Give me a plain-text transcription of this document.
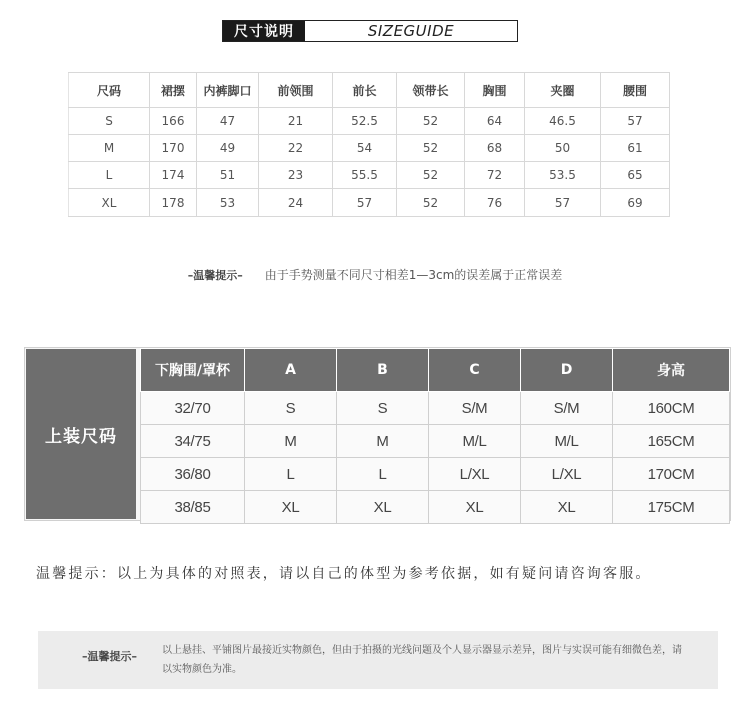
尺寸说明	SIZEGUIDE
尺码	裙摆	内裤脚口	前领围	前长	领带长	胸围	夹圈	腰围
S	166	47	21	52.5	52	64	46.5	57
M	170	49	22	54	52	68	50	61
L	174	51	23	55.5	52	72	53.5	65
XL	178	53	24	57	52	76	57	69
–温馨提示– 由于手势测量不同尺寸相差1—3cm的误差属于正常误差
上装尺码
下胸围/罩杯	A	B	C	D	身高
32/70	S	S	S/M	S/M	160CM
34/75	M	M	M/L	M/L	165CM
36/80	L	L	L/XL	L/XL	170CM
38/85	XL	XL	XL	XL	175CM
温馨提示：以上为具体的对照表，请以自己的体型为参考依据，如有疑问请咨询客服。
–温馨提示–	以上悬挂、平铺图片最接近实物颜色，但由于拍摄的光线问题及个人显示器显示差异，图片与实误可能有细微色差，请以实物颜色为准。
